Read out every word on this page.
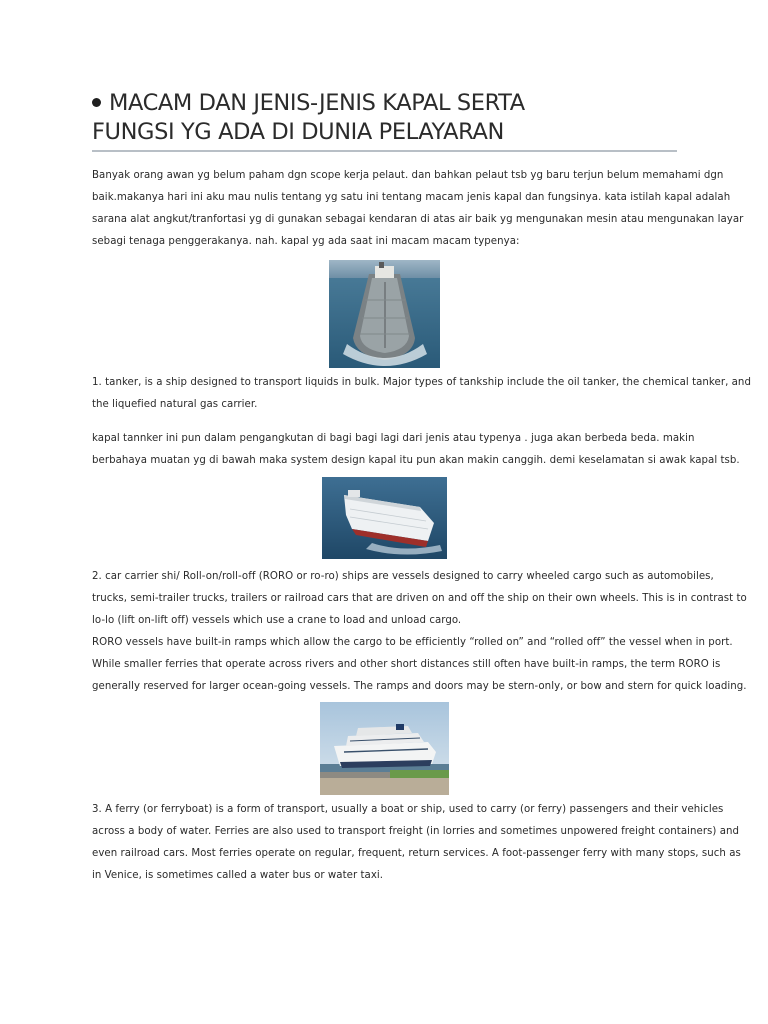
MACAM DAN JENIS-JENIS KAPAL SERTA
FUNGSI YG ADA DI DUNIA PELAYARAN

Banyak orang awan yg belum paham dgn scope kerja pelaut. dan bahkan pelaut tsb yg baru terjun belum memahami dgn
baik.makanya hari ini aku mau nulis tentang yg satu ini tentang macam jenis kapal dan fungsinya. kata istilah kapal adalah
sarana alat angkut/tranfortasi yg di gunakan sebagai kendaran di atas air baik yg mengunakan mesin atau mengunakan layar
sebagi tenaga penggerakanya. nah. kapal yg ada saat ini macam macam typenya:

1. tanker, is a ship designed to transport liquids in bulk. Major types of tankship include the oil tanker, the chemical tanker, and
the liquefied natural gas carrier.

kapal tannker ini pun dalam pengangkutan di bagi bagi lagi dari jenis atau typenya . juga akan berbeda beda. makin
berbahaya muatan yg di bawah maka system design kapal itu pun akan makin canggih. demi keselamatan si awak kapal tsb.

2. car carrier shi/ Roll-on/roll-off (RORO or ro-ro) ships are vessels designed to carry wheeled cargo such as automobiles,
trucks, semi-trailer trucks, trailers or railroad cars that are driven on and off the ship on their own wheels. This is in contrast to
lo-lo (lift on-lift off) vessels which use a crane to load and unload cargo.
RORO vessels have built-in ramps which allow the cargo to be efficiently “rolled on” and “rolled off” the vessel when in port.
While smaller ferries that operate across rivers and other short distances still often have built-in ramps, the term RORO is
generally reserved for larger ocean-going vessels. The ramps and doors may be stern-only, or bow and stern for quick loading.

3. A ferry (or ferryboat) is a form of transport, usually a boat or ship, used to carry (or ferry) passengers and their vehicles
across a body of water. Ferries are also used to transport freight (in lorries and sometimes unpowered freight containers) and
even railroad cars. Most ferries operate on regular, frequent, return services. A foot-passenger ferry with many stops, such as
in Venice, is sometimes called a water bus or water taxi.
